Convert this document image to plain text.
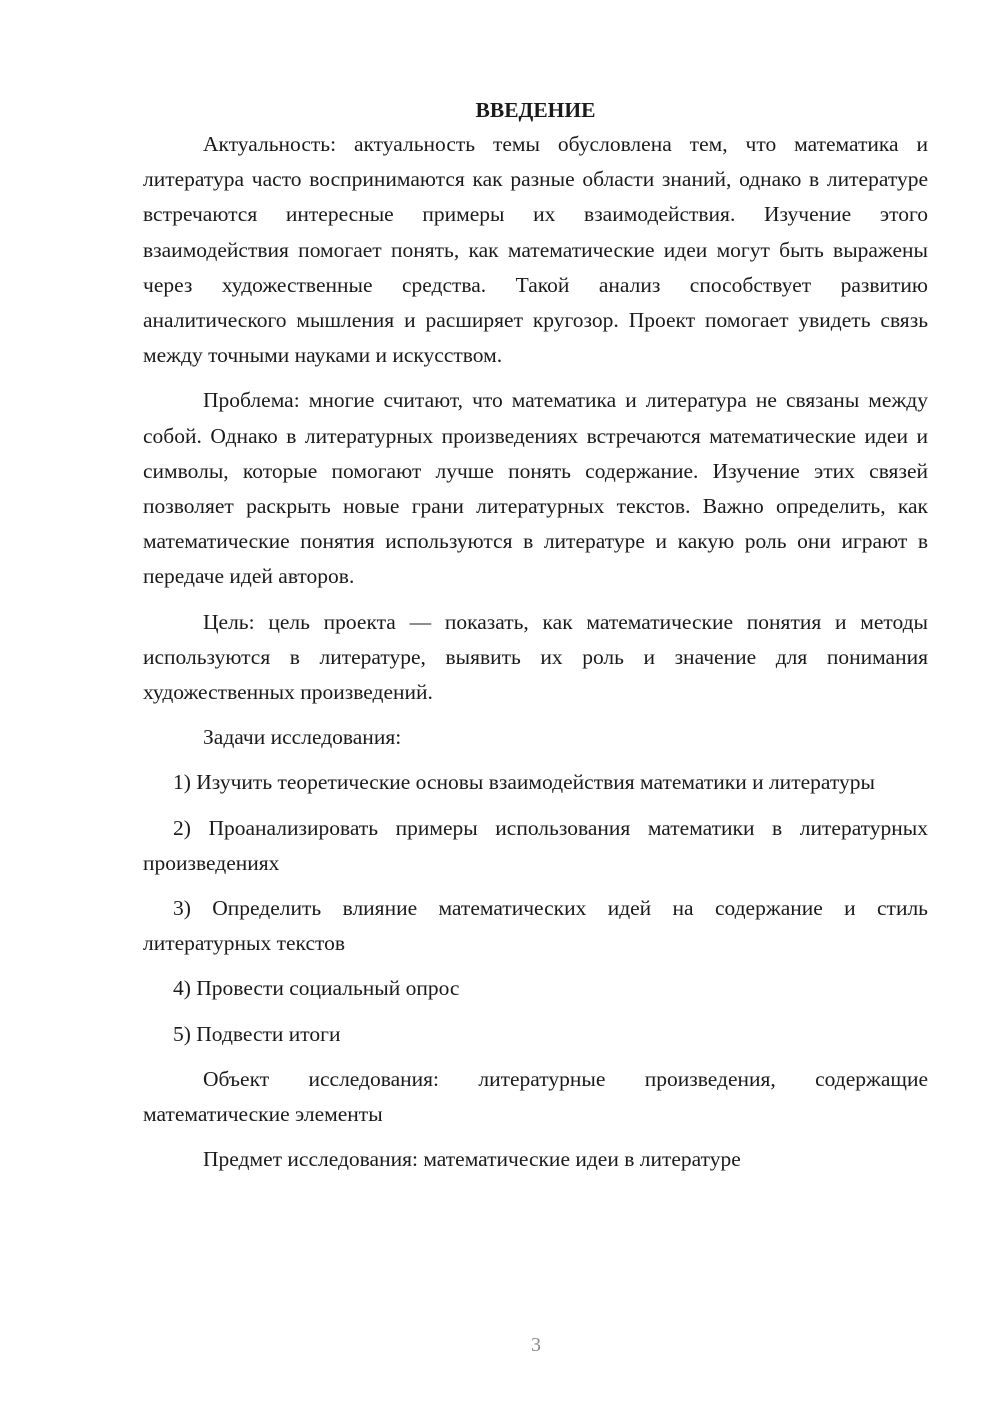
ВВЕДЕНИЕ

Актуальность: актуальность темы обусловлена тем, что математика и литература часто воспринимаются как разные области знаний, однако в литературе встречаются интересные примеры их взаимодействия. Изучение этого взаимодействия помогает понять, как математические идеи могут быть выражены через художественные средства. Такой анализ способствует развитию аналитического мышления и расширяет кругозор. Проект помогает увидеть связь между точными науками и искусством.

Проблема: многие считают, что математика и литература не связаны между собой. Однако в литературных произведениях встречаются математические идеи и символы, которые помогают лучше понять содержание. Изучение этих связей позволяет раскрыть новые грани литературных текстов. Важно определить, как математические понятия используются в литературе и какую роль они играют в передаче идей авторов.

Цель: цель проекта — показать, как математические понятия и методы используются в литературе, выявить их роль и значение для понимания художественных произведений.

Задачи исследования:

1) Изучить теоретические основы взаимодействия математики и литературы

2) Проанализировать примеры использования математики в литературных произведениях

3) Определить влияние математических идей на содержание и стиль литературных текстов

4) Провести социальный опрос

5) Подвести итоги

Объект исследования: литературные произведения, содержащие математические элементы

Предмет исследования: математические идеи в литературе

3
